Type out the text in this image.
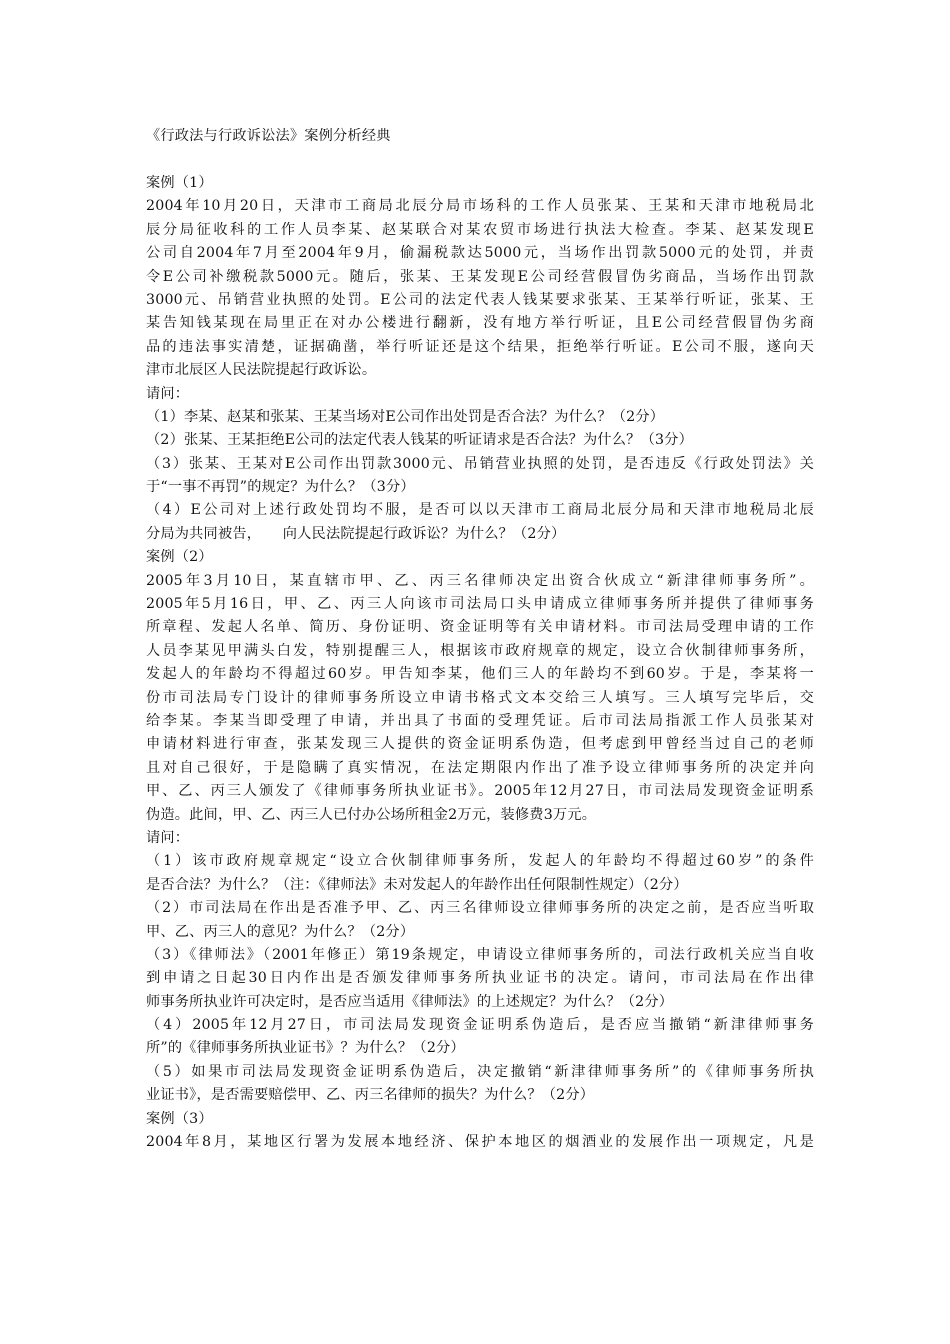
《行政法与行政诉讼法》案例分析经典
案例（1）
2004年10月20日，天津市工商局北辰分局市场科的工作人员张某、王某和天津市地税局北
辰分局征收科的工作人员李某、赵某联合对某农贸市场进行执法大检查。李某、赵某发现E
公司自2004年7月至2004年9月，偷漏税款达5000元，当场作出罚款5000元的处罚，并责
令E公司补缴税款5000元。随后，张某、王某发现E公司经营假冒伪劣商品，当场作出罚款
3000元、吊销营业执照的处罚。E公司的法定代表人钱某要求张某、王某举行听证，张某、王
某告知钱某现在局里正在对办公楼进行翻新，没有地方举行听证，且E公司经营假冒伪劣商
品的违法事实清楚，证据确凿，举行听证还是这个结果，拒绝举行听证。E公司不服，遂向天
津市北辰区人民法院提起行政诉讼。
请问：
（1）李某、赵某和张某、王某当场对E公司作出处罚是否合法？为什么？（2分）
（2）张某、王某拒绝E公司的法定代表人钱某的听证请求是否合法？为什么？（3分）
（3）张某、王某对E公司作出罚款3000元、吊销营业执照的处罚，是否违反《行政处罚法》关
于“一事不再罚”的规定？为什么？（3分）
（4）E公司对上述行政处罚均不服，是否可以以天津市工商局北辰分局和天津市地税局北辰
分局为共同被告，　　向人民法院提起行政诉讼？为什么？（2分）
案例（2）
2005年3月10日，某直辖市甲、乙、丙三名律师决定出资合伙成立“新津律师事务所”。
2005年5月16日，甲、乙、丙三人向该市司法局口头申请成立律师事务所并提供了律师事务
所章程、发起人名单、简历、身份证明、资金证明等有关申请材料。市司法局受理申请的工作
人员李某见甲满头白发，特别提醒三人，根据该市政府规章的规定，设立合伙制律师事务所，
发起人的年龄均不得超过60岁。甲告知李某，他们三人的年龄均不到60岁。于是，李某将一
份市司法局专门设计的律师事务所设立申请书格式文本交给三人填写。三人填写完毕后，交
给李某。李某当即受理了申请，并出具了书面的受理凭证。后市司法局指派工作人员张某对
申请材料进行审查，张某发现三人提供的资金证明系伪造，但考虑到甲曾经当过自己的老师
且对自己很好，于是隐瞒了真实情况，在法定期限内作出了准予设立律师事务所的决定并向
甲、乙、丙三人颁发了《律师事务所执业证书》。2005年12月27日，市司法局发现资金证明系
伪造。此间，甲、乙、丙三人已付办公场所租金2万元，装修费3万元。
请问：
（1）该市政府规章规定“设立合伙制律师事务所，发起人的年龄均不得超过60岁”的条件
是否合法？为什么？（注：《律师法》未对发起人的年龄作出任何限制性规定）（2分）
（2）市司法局在作出是否准予甲、乙、丙三名律师设立律师事务所的决定之前，是否应当听取
甲、乙、丙三人的意见？为什么？（2分）
（3）《律师法》（2001年修正）第19条规定，申请设立律师事务所的，司法行政机关应当自收
到申请之日起30日内作出是否颁发律师事务所执业证书的决定。请问，市司法局在作出律
师事务所执业许可决定时，是否应当适用《律师法》的上述规定？为什么？（2分）
（4）2005年12月27日，市司法局发现资金证明系伪造后，是否应当撤销“新津律师事务
所”的《律师事务所执业证书》？为什么？（2分）
（5）如果市司法局发现资金证明系伪造后，决定撤销“新津律师事务所”的《律师事务所执
业证书》，是否需要赔偿甲、乙、丙三名律师的损失？为什么？（2分）
案例（3）
2004年8月，某地区行署为发展本地经济、保护本地区的烟酒业的发展作出一项规定，凡是
